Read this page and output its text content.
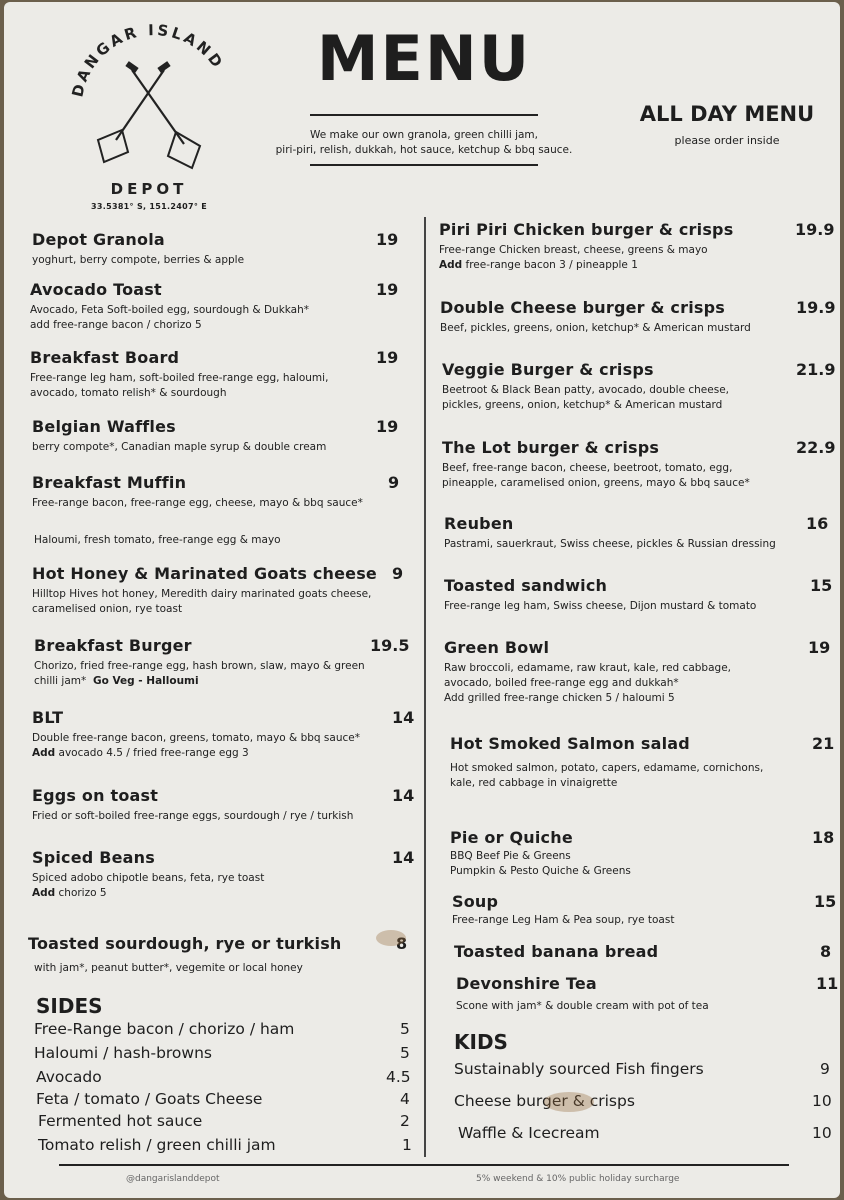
DANGAR ISLAND
DEPOT
33.5381° S, 151.2407° E
MENU
We make our own granola, green chilli jam,
piri-piri, relish, dukkah, hot sauce, ketchup & bbq sauce.
ALL DAY MENU
please order inside
Depot Granola	19
yoghurt, berry compote, berries & apple
Avocado Toast	19
Avocado, Feta Soft-boiled egg, sourdough & Dukkah*
add free-range bacon / chorizo 5
Breakfast Board	19
Free-range leg ham, soft-boiled free-range egg, haloumi,
avocado, tomato relish* & sourdough
Belgian Waffles	19
berry compote*, Canadian maple syrup & double cream
Breakfast Muffin	9
Free-range bacon, free-range egg, cheese, mayo & bbq sauce*
Haloumi, fresh tomato, free-range egg & mayo
Hot Honey & Marinated Goats cheese 9
Hilltop Hives hot honey, Meredith dairy marinated goats cheese,
caramelised onion, rye toast
Breakfast Burger	19.5
Chorizo, fried free-range egg, hash brown, slaw, mayo & green
chilli jam* Go Veg - Halloumi
BLT	14
Double free-range bacon, greens, tomato, mayo & bbq sauce*
Add avocado 4.5 / fried free-range egg 3
Eggs on toast	14
Fried or soft-boiled free-range eggs, sourdough / rye / turkish
Spiced Beans	14
Spiced adobo chipotle beans, feta, rye toast
Add chorizo 5
Toasted sourdough, rye or turkish	8
with jam*, peanut butter*, vegemite or local honey
SIDES
Free-Range bacon / chorizo / ham	5
Haloumi / hash-browns	5
Avocado	4.5
Feta / tomato / Goats Cheese	4
Fermented hot sauce	2
Tomato relish / green chilli jam	1
Piri Piri Chicken burger & crisps	19.9
Free-range Chicken breast, cheese, greens & mayo
Add free-range bacon 3 / pineapple 1
Double Cheese burger & crisps	19.9
Beef, pickles, greens, onion, ketchup* & American mustard
Veggie Burger & crisps	21.9
Beetroot & Black Bean patty, avocado, double cheese,
pickles, greens, onion, ketchup* & American mustard
The Lot burger & crisps	22.9
Beef, free-range bacon, cheese, beetroot, tomato, egg,
pineapple, caramelised onion, greens, mayo & bbq sauce*
Reuben	16
Pastrami, sauerkraut, Swiss cheese, pickles & Russian dressing
Toasted sandwich	15
Free-range leg ham, Swiss cheese, Dijon mustard & tomato
Green Bowl	19
Raw broccoli, edamame, raw kraut, kale, red cabbage,
avocado, boiled free-range egg and dukkah*
Add grilled free-range chicken 5 / haloumi 5
Hot Smoked Salmon salad	21
Hot smoked salmon, potato, capers, edamame, cornichons,
kale, red cabbage in vinaigrette
Pie or Quiche	18
BBQ Beef Pie & Greens
Pumpkin & Pesto Quiche & Greens
Soup	15
Free-range Leg Ham & Pea soup, rye toast
Toasted banana bread	8
Devonshire Tea	11
Scone with jam* & double cream with pot of tea
KIDS
Sustainably sourced Fish fingers	9
Cheese burger & crisps	10
Waffle & Icecream	10
@dangarislanddepot	5% weekend & 10% public holiday surcharge
